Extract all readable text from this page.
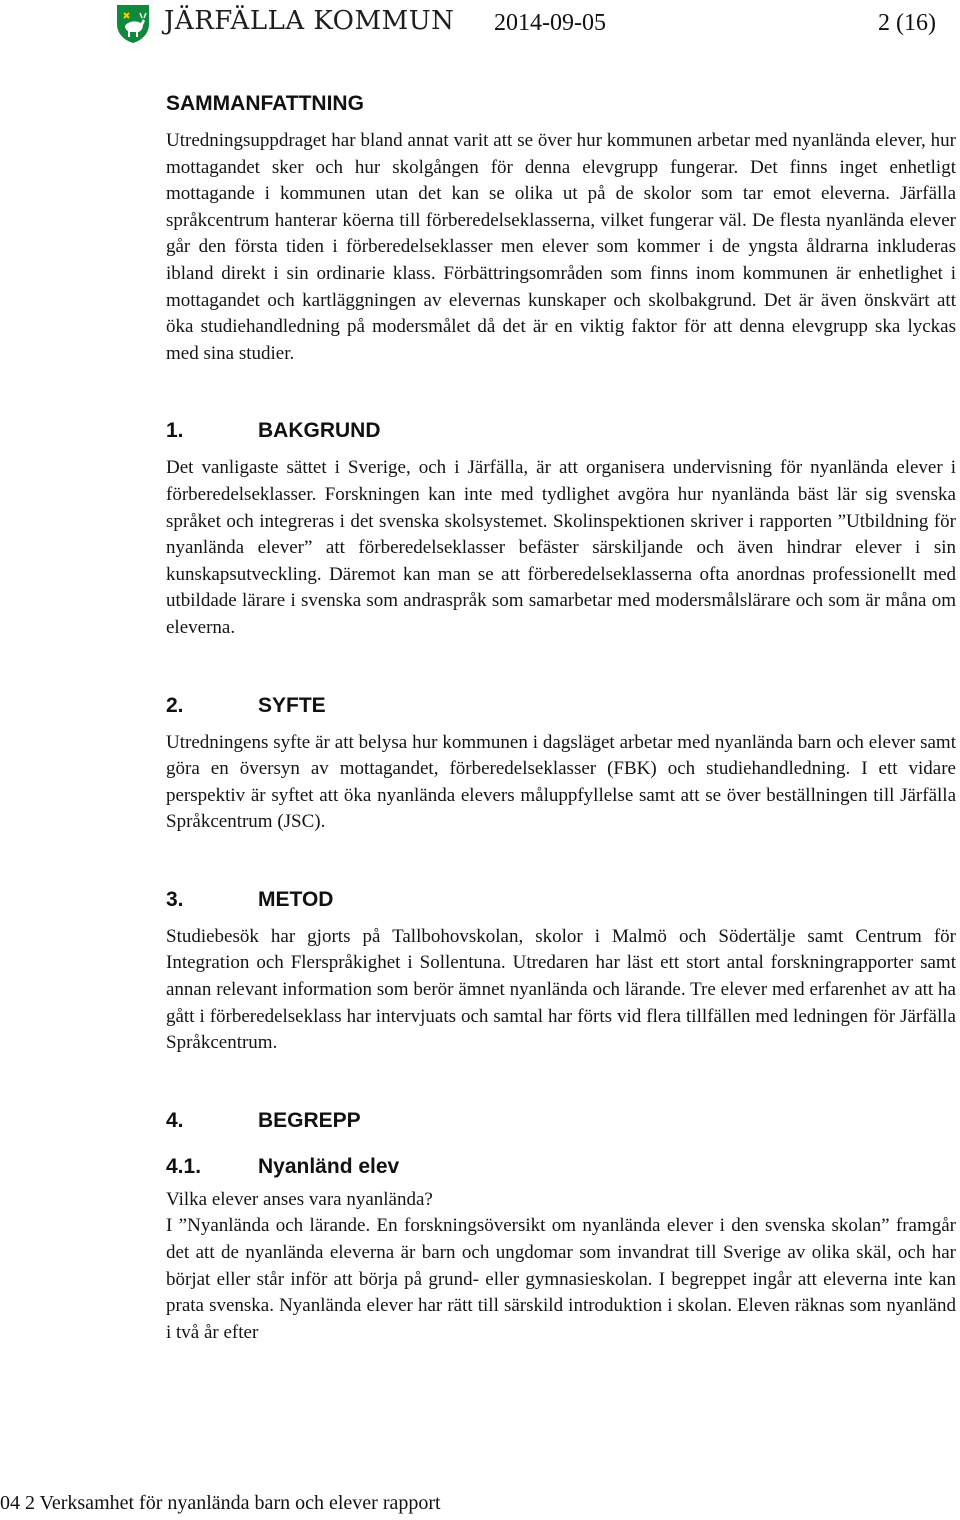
JÄRFÄLLA KOMMUN 2014-09-05	2 (16)
SAMMANFATTNING

Utredningsuppdraget har bland annat varit att se över hur kommunen arbetar med nyanlända elever, hur mottagandet sker och hur skolgången för denna elevgrupp fungerar. Det finns inget enhetligt mottagande i kommunen utan det kan se olika ut på de skolor som tar emot eleverna. Järfälla språkcentrum hanterar köerna till förberedelseklasserna, vilket fungerar väl. De flesta nyanlända elever går den första tiden i förberedelseklasser men elever som kommer i de yngsta åldrarna inkluderas ibland direkt i sin ordinarie klass. Förbättringsområden som finns inom kommunen är enhetlighet i mottagandet och kartläggningen av elevernas kunskaper och skolbakgrund. Det är även önskvärt att öka studiehandledning på modersmålet då det är en viktig faktor för att denna elevgrupp ska lyckas med sina studier.

1.	BAKGRUND

Det vanligaste sättet i Sverige, och i Järfälla, är att organisera undervisning för nyanlända elever i förberedelseklasser. Forskningen kan inte med tydlighet avgöra hur nyanlända bäst lär sig svenska språket och integreras i det svenska skolsystemet. Skolinspektionen skriver i rapporten ”Utbildning för nyanlända elever” att förberedelseklasser befäster särskiljande och även hindrar elever i sin kunskapsutveckling. Däremot kan man se att förberedelseklasserna ofta anordnas professionellt med utbildade lärare i svenska som andraspråk som samarbetar med modersmålslärare och som är måna om eleverna.

2.	SYFTE

Utredningens syfte är att belysa hur kommunen i dagsläget arbetar med nyanlända barn och elever samt göra en översyn av mottagandet, förberedelseklasser (FBK) och studiehandledning. I ett vidare perspektiv är syftet att öka nyanlända elevers måluppfyllelse samt att se över beställningen till Järfälla Språkcentrum (JSC).

3.	METOD

Studiebesök har gjorts på Tallbohovskolan, skolor i Malmö och Södertälje samt Centrum för Integration och Flerspråkighet i Sollentuna. Utredaren har läst ett stort antal forskningrapporter samt annan relevant information som berör ämnet nyanlända och lärande. Tre elever med erfarenhet av att ha gått i förberedelseklass har intervjuats och samtal har förts vid flera tillfällen med ledningen för Järfälla Språkcentrum.

4.	BEGREPP
4.1.	Nyanländ elev

Vilka elever anses vara nyanlända?

I ”Nyanlända och lärande. En forskningsöversikt om nyanlända elever i den svenska skolan” framgår det att de nyanlända eleverna är barn och ungdomar som invandrat till Sverige av olika skäl, och har börjat eller står inför att börja på grund- eller gymnasieskolan. I begreppet ingår att eleverna inte kan prata svenska. Nyanlända elever har rätt till särskild introduktion i skolan. Eleven räknas som nyanländ i två år efter

04 2 Verksamhet för nyanlända barn och elever rapport
